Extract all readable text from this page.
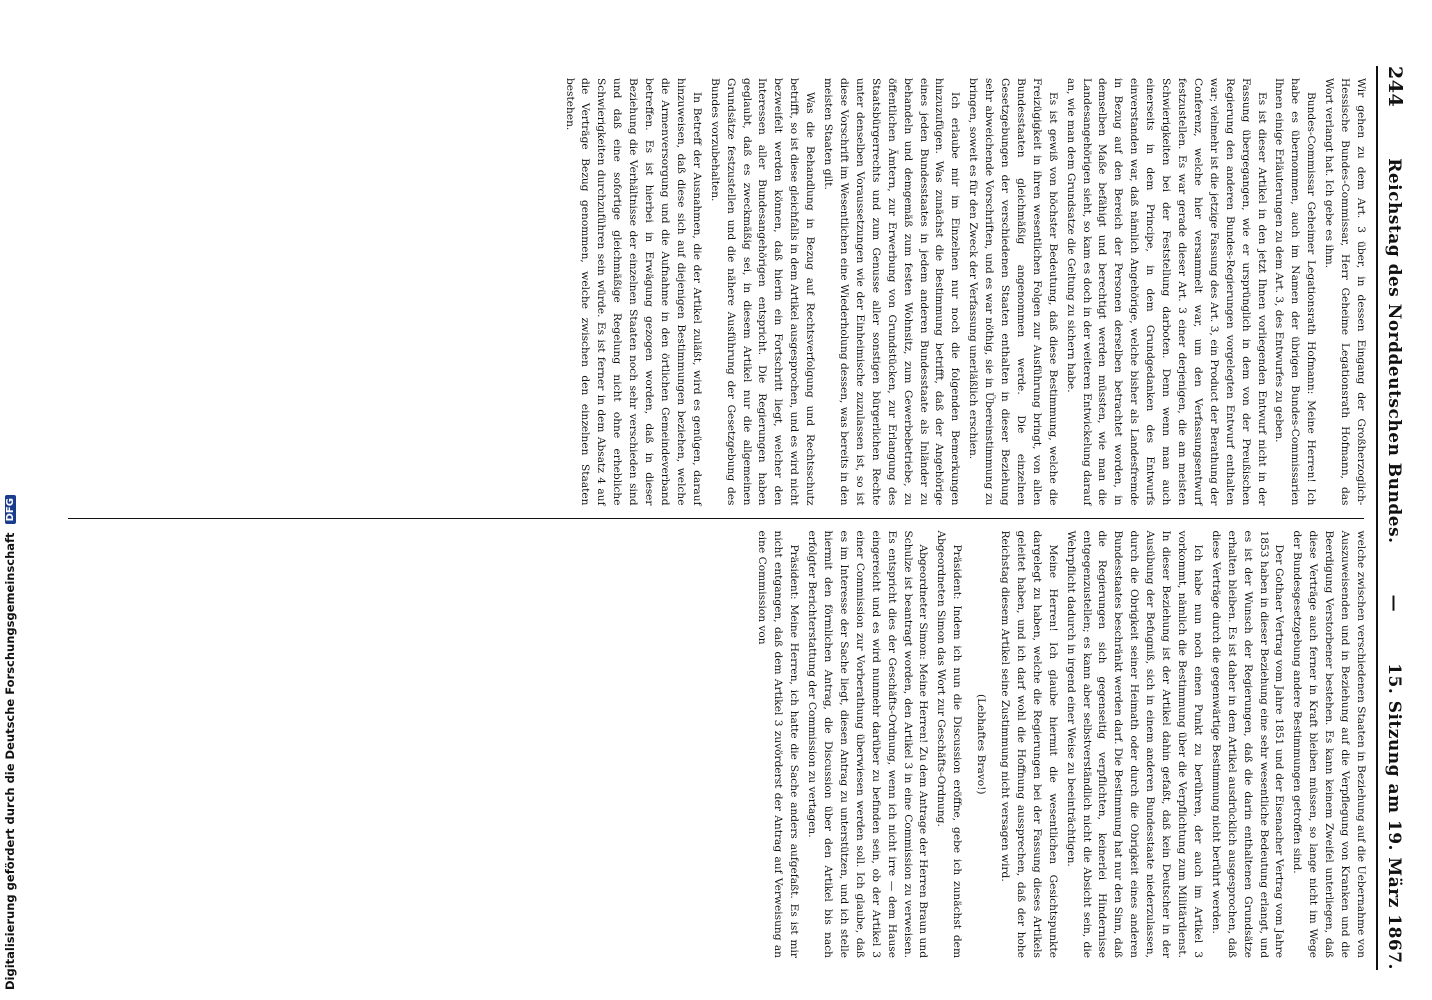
Digitalisierung gefördert durch die Deutsche Forschungsgemeinschaft DFG
244
Reichstag des Norddeutschen Bundes.
—
15. Sitzung am 19. März 1867.

Wir gehen zu dem Art. 3 über, in dessen Eingang der Großherzoglich-Hessische Bundes-Commissar, Herr Geheime Legationsrath Hofmann, das Wort verlangt hat. Ich gebe es ihm.

Bundes-Commissar Geheimer Legationsrath Hofmann: Meine Herren! Ich habe es übernommen, auch im Namen der übrigen Bundes-Commissarien Ihnen einige Erläuterungen zu dem Art. 3, des Entwurfes zu geben.

Es ist dieser Artikel in den jetzt Ihnen vorliegenden Entwurf nicht in der Fassung übergegangen, wie er ursprünglich in dem von der Preußischen Regierung den anderen Bundes-Regierungen vorgelegten Entwurf enthalten war; vielmehr ist die jetzige Fassung des Art. 3, ein Product der Berathung der Conferenz, welche hier versammelt war, um den Verfassungsentwurf festzustellen. Es war gerade dieser Art. 3 einer derjenigen, die am meisten Schwierigkeiten bei der Feststellung darboten. Denn wenn man auch einerseits in dem Principe, in dem Grundgedanken des Entwurfs einverstanden war, daß nämlich Angehörige, welche bisher als Landesfremde in Bezug auf den Bereich der Personen derselben betrachtet worden, in demselben Maße befähigt und berechtigt werden müssten, wie man die Landesangehörigen sieht, so kam es doch in der weiteren Entwickelung darauf an, wie man dem Grundsatze die Geltung zu sichern habe.

Es ist gewiß von höchster Bedeutung, daß diese Bestimmung, welche die Freizügigkeit in ihren wesentlichen Folgen zur Ausführung bringt, von allen Bundesstaaten gleichmäßig angenommen werde. Die einzelnen Gesetzgebungen der verschiedenen Staaten enthalten in dieser Beziehung sehr abweichende Vorschriften, und es war nöthig, sie in Übereinstimmung zu bringen, soweit es für den Zweck der Verfassung unerläßlich erschien.

Ich erlaube mir im Einzelnen nur noch die folgenden Bemerkungen hinzuzufügen. Was zunächst die Bestimmung betrifft, daß der Angehörige eines jeden Bundesstaates in jedem anderen Bundesstaate als Inländer zu behandeln und demgemäß zum festen Wohnsitz, zum Gewerbebetriebe, zu öffentlichen Ämtern, zur Erwerbung von Grundstücken, zur Erlangung des Staatsbürgerrechts und zum Genusse aller sonstigen bürgerlichen Rechte unter denselben Voraussetzungen wie der Einheimische zuzulassen ist, so ist diese Vorschrift im Wesentlichen eine Wiederholung dessen, was bereits in den meisten Staaten gilt.

Was die Behandlung in Bezug auf Rechtsverfolgung und Rechtsschutz betrifft, so ist diese gleichfalls in dem Artikel ausgesprochen, und es wird nicht bezweifelt werden können, daß hierin ein Fortschritt liegt, welcher den Interessen aller Bundesangehörigen entspricht. Die Regierungen haben geglaubt, daß es zweckmäßig sei, in diesem Artikel nur die allgemeinen Grundsätze festzustellen und die nähere Ausführung der Gesetzgebung des Bundes vorzubehalten.

In Betreff der Ausnahmen, die der Artikel zuläßt, wird es genügen, darauf hinzuweisen, daß diese sich auf diejenigen Bestimmungen beziehen, welche die Armenversorgung und die Aufnahme in den örtlichen Gemeindeverband betreffen. Es ist hierbei in Erwägung gezogen worden, daß in dieser Beziehung die Verhältnisse der einzelnen Staaten noch sehr verschieden sind und daß eine sofortige gleichmäßige Regelung nicht ohne erhebliche Schwierigkeiten durchzuführen sein würde. Es ist ferner in dem Absatz 4 auf die Verträge Bezug genommen, welche zwischen den einzelnen Staaten bestehen.

welche zwischen verschiedenen Staaten in Beziehung auf die Uebernahme von Auszuweisenden und in Beziehung auf die Verpflegung von Kranken und die Beerdigung Verstorbener bestehen. Es kann keinem Zweifel unterliegen, daß diese Verträge auch ferner in Kraft bleiben müssen, so lange nicht im Wege der Bundesgesetzgebung andere Bestimmungen getroffen sind.

Der Gothaer Vertrag vom Jahre 1851 und der Eisenacher Vertrag vom Jahre 1853 haben in dieser Beziehung eine sehr wesentliche Bedeutung erlangt, und es ist der Wunsch der Regierungen, daß die darin enthaltenen Grundsätze erhalten bleiben. Es ist daher in dem Artikel ausdrücklich ausgesprochen, daß diese Verträge durch die gegenwärtige Bestimmung nicht berührt werden.

Ich habe nun noch einen Punkt zu berühren, der auch im Artikel 3 vorkommt, nämlich die Bestimmung über die Verpflichtung zum Militärdienst. In dieser Beziehung ist der Artikel dahin gefaßt, daß kein Deutscher in der Ausübung der Befugniß, sich in einem anderen Bundesstaate niederzulassen, durch die Obrigkeit seiner Heimath oder durch die Obrigkeit eines anderen Bundesstaates beschränkt werden darf. Die Bestimmung hat nur den Sinn, daß die Regierungen sich gegenseitig verpflichten, keinerlei Hindernisse entgegenzustellen; es kann aber selbstverständlich nicht die Absicht sein, die Wehrpflicht dadurch in irgend einer Weise zu beeinträchtigen.

Meine Herren! Ich glaube hiermit die wesentlichen Gesichtspunkte dargelegt zu haben, welche die Regierungen bei der Fassung dieses Artikels geleitet haben, und ich darf wohl die Hoffnung aussprechen, daß der hohe Reichstag diesem Artikel seine Zustimmung nicht versagen wird.

(Lebhaftes Bravo!)

Präsident: Indem ich nun die Discussion eröffne, gebe ich zunächst dem Abgeordneten Simon das Wort zur Geschäfts-Ordnung.

Abgeordneter Simon: Meine Herren! Zu dem Antrage der Herren Braun und Schulze ist beantragt worden, den Artikel 3 in eine Commission zu verweisen. Es entspricht dies der Geschäfts-Ordnung, wenn ich nicht irre — dem Hause eingereicht und es wird nunmehr darüber zu befinden sein, ob der Artikel 3 einer Commission zur Vorberathung überwiesen werden soll. Ich glaube, daß es im Interesse der Sache liegt, diesen Antrag zu unterstützen, und ich stelle hiermit den förmlichen Antrag, die Discussion über den Artikel bis nach erfolgter Berichterstattung der Commission zu vertagen.

Präsident: Meine Herren, ich hatte die Sache anders aufgefaßt. Es ist mir nicht entgangen, daß dem Artikel 3 zuvörderst der Antrag auf Verweisung an eine Commission von
